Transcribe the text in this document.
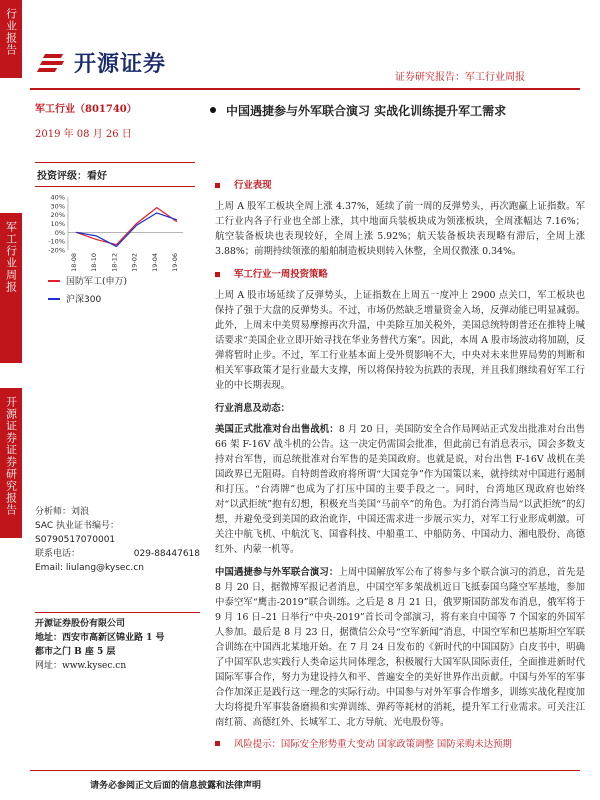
行业报告
军工行业周报
开源证券证券研究报告
开源证券
证券研究报告：军工行业周报
军工行业（801740）
2019 年 08 月 26 日
投资评级：看好
40%
30%
20%
10%
0%
-10%
-20%
18-08 18-10 18-12 19-02 19-04 19-06
国防军工(申万)
沪深300
分析师：刘浪
SAC 执业证书编号：
S0790517070001
联系电话：	029-88447618
Email:
liulang@kysec.cn
开源证券股份有限公司
地址：西安市高新区锦业路 1 号
都市之门 B 座 5 层
网址：www.kysec.cn
中国遇捷参与外军联合演习 实战化训练提升军工需求
行业表现
上周 A 股军工板块全周上涨 4.37%，延续了前一周的反弹势头，再次跑赢上证指数。军工行业内各子行业也全部上涨，其中地面兵装板块成为领涨板块，全周涨幅达 7.16%；航空装备板块也表现较好，全周上涨 5.92%；航天装备板块表现略有滞后，全周上涨 3.88%；前期持续领涨的船舶制造板块则转入休整，全周仅微涨 0.34%。
军工行业一周投资策略
上周 A 股市场延续了反弹势头，上证指数在上周五一度冲上 2900 点关口，军工板块也保持了强于大盘的反弹势头。不过，市场仍然缺乏增量资金入场，反弹动能已明显减弱。此外，上周末中美贸易摩擦再次升温，中美除互加关税外，美国总统特朗普还在推特上喊话要求“美国企业立即开始寻找在华业务替代方案”。因此，本周 A 股市场波动将加剧，反弹将暂时止步。不过，军工行业基本面上受外贸影响不大，中央对未来世界局势的判断和相关军事政策才是行业最大支撑，所以将保持较为抗跌的表现，并且我们继续看好军工行业的中长期表现。
行业消息及动态：
美国正式批准对台出售战机：8 月 20 日，美国防安全合作局网站正式发出批准对台出售 66 架 F-16V 战斗机的公告。这一决定仍需国会批准，但此前已有消息表示，国会多数支持对台军售，而总统批准对台军售的是美国政府。也就是说，对台出售 F-16V 战机在美国政界已无阻碍。自特朗普政府将所谓“大国竞争”作为国策以来，就持续对中国进行遏制和打压。“台湾牌”也成为了打压中国的主要手段之一。同时，台湾地区现政府也始终对“以武拒统”抱有幻想，积极充当美国“马前卒”的角色。为打消台湾当局“以武拒统”的幻想，并避免受到美国的政治讹诈，中国还需求进一步展示实力，对军工行业形成刺激。可关注中航飞机、中航沈飞、国睿科技、中船重工、中船防务、中国动力、湘电股份、高德红外、内蒙一机等。
中国遇捷参与外军联合演习：上周中国解放军公布了将参与多个联合演习的消息，首先是 8 月 20 日，据微博军报记者消息，中国空军多架战机近日飞抵泰国乌隆空军基地，参加中泰空军“鹰击-2019”联合训练。之后是 8 月 21 日，俄罗斯国防部发布消息，俄军将于 9 月 16 日–21 日举行“中央-2019”首长司令部演习，将有来自中国等 7 个国家的外国军人参加。最后是 8 月 23 日，据微信公众号“空军新闻”消息，中国空军和巴基斯坦空军联合训练在中国西北某地开始。在 7 月 24 日发布的《新时代的中国国防》白皮书中，明确了中国军队忠实践行人类命运共同体理念，积极履行大国军队国际责任，全面推进新时代国际军事合作，努力为建设持久和平、普遍安全的美好世界作出贡献。中国与外军的军事合作加深正是践行这一理念的实际行动。中国参与对外军事合作增多，训练实战化程度加大均将提升军事装备磨损和实弹训练、弹药等耗材的消耗，提升军工行业需求。可关注江南红箭、高德红外、长城军工、北方导航、光电股份等。
风险提示：国际安全形势重大变动 国家政策调整 国防采购未达预期
请务必参阅正文后面的信息披露和法律声明
